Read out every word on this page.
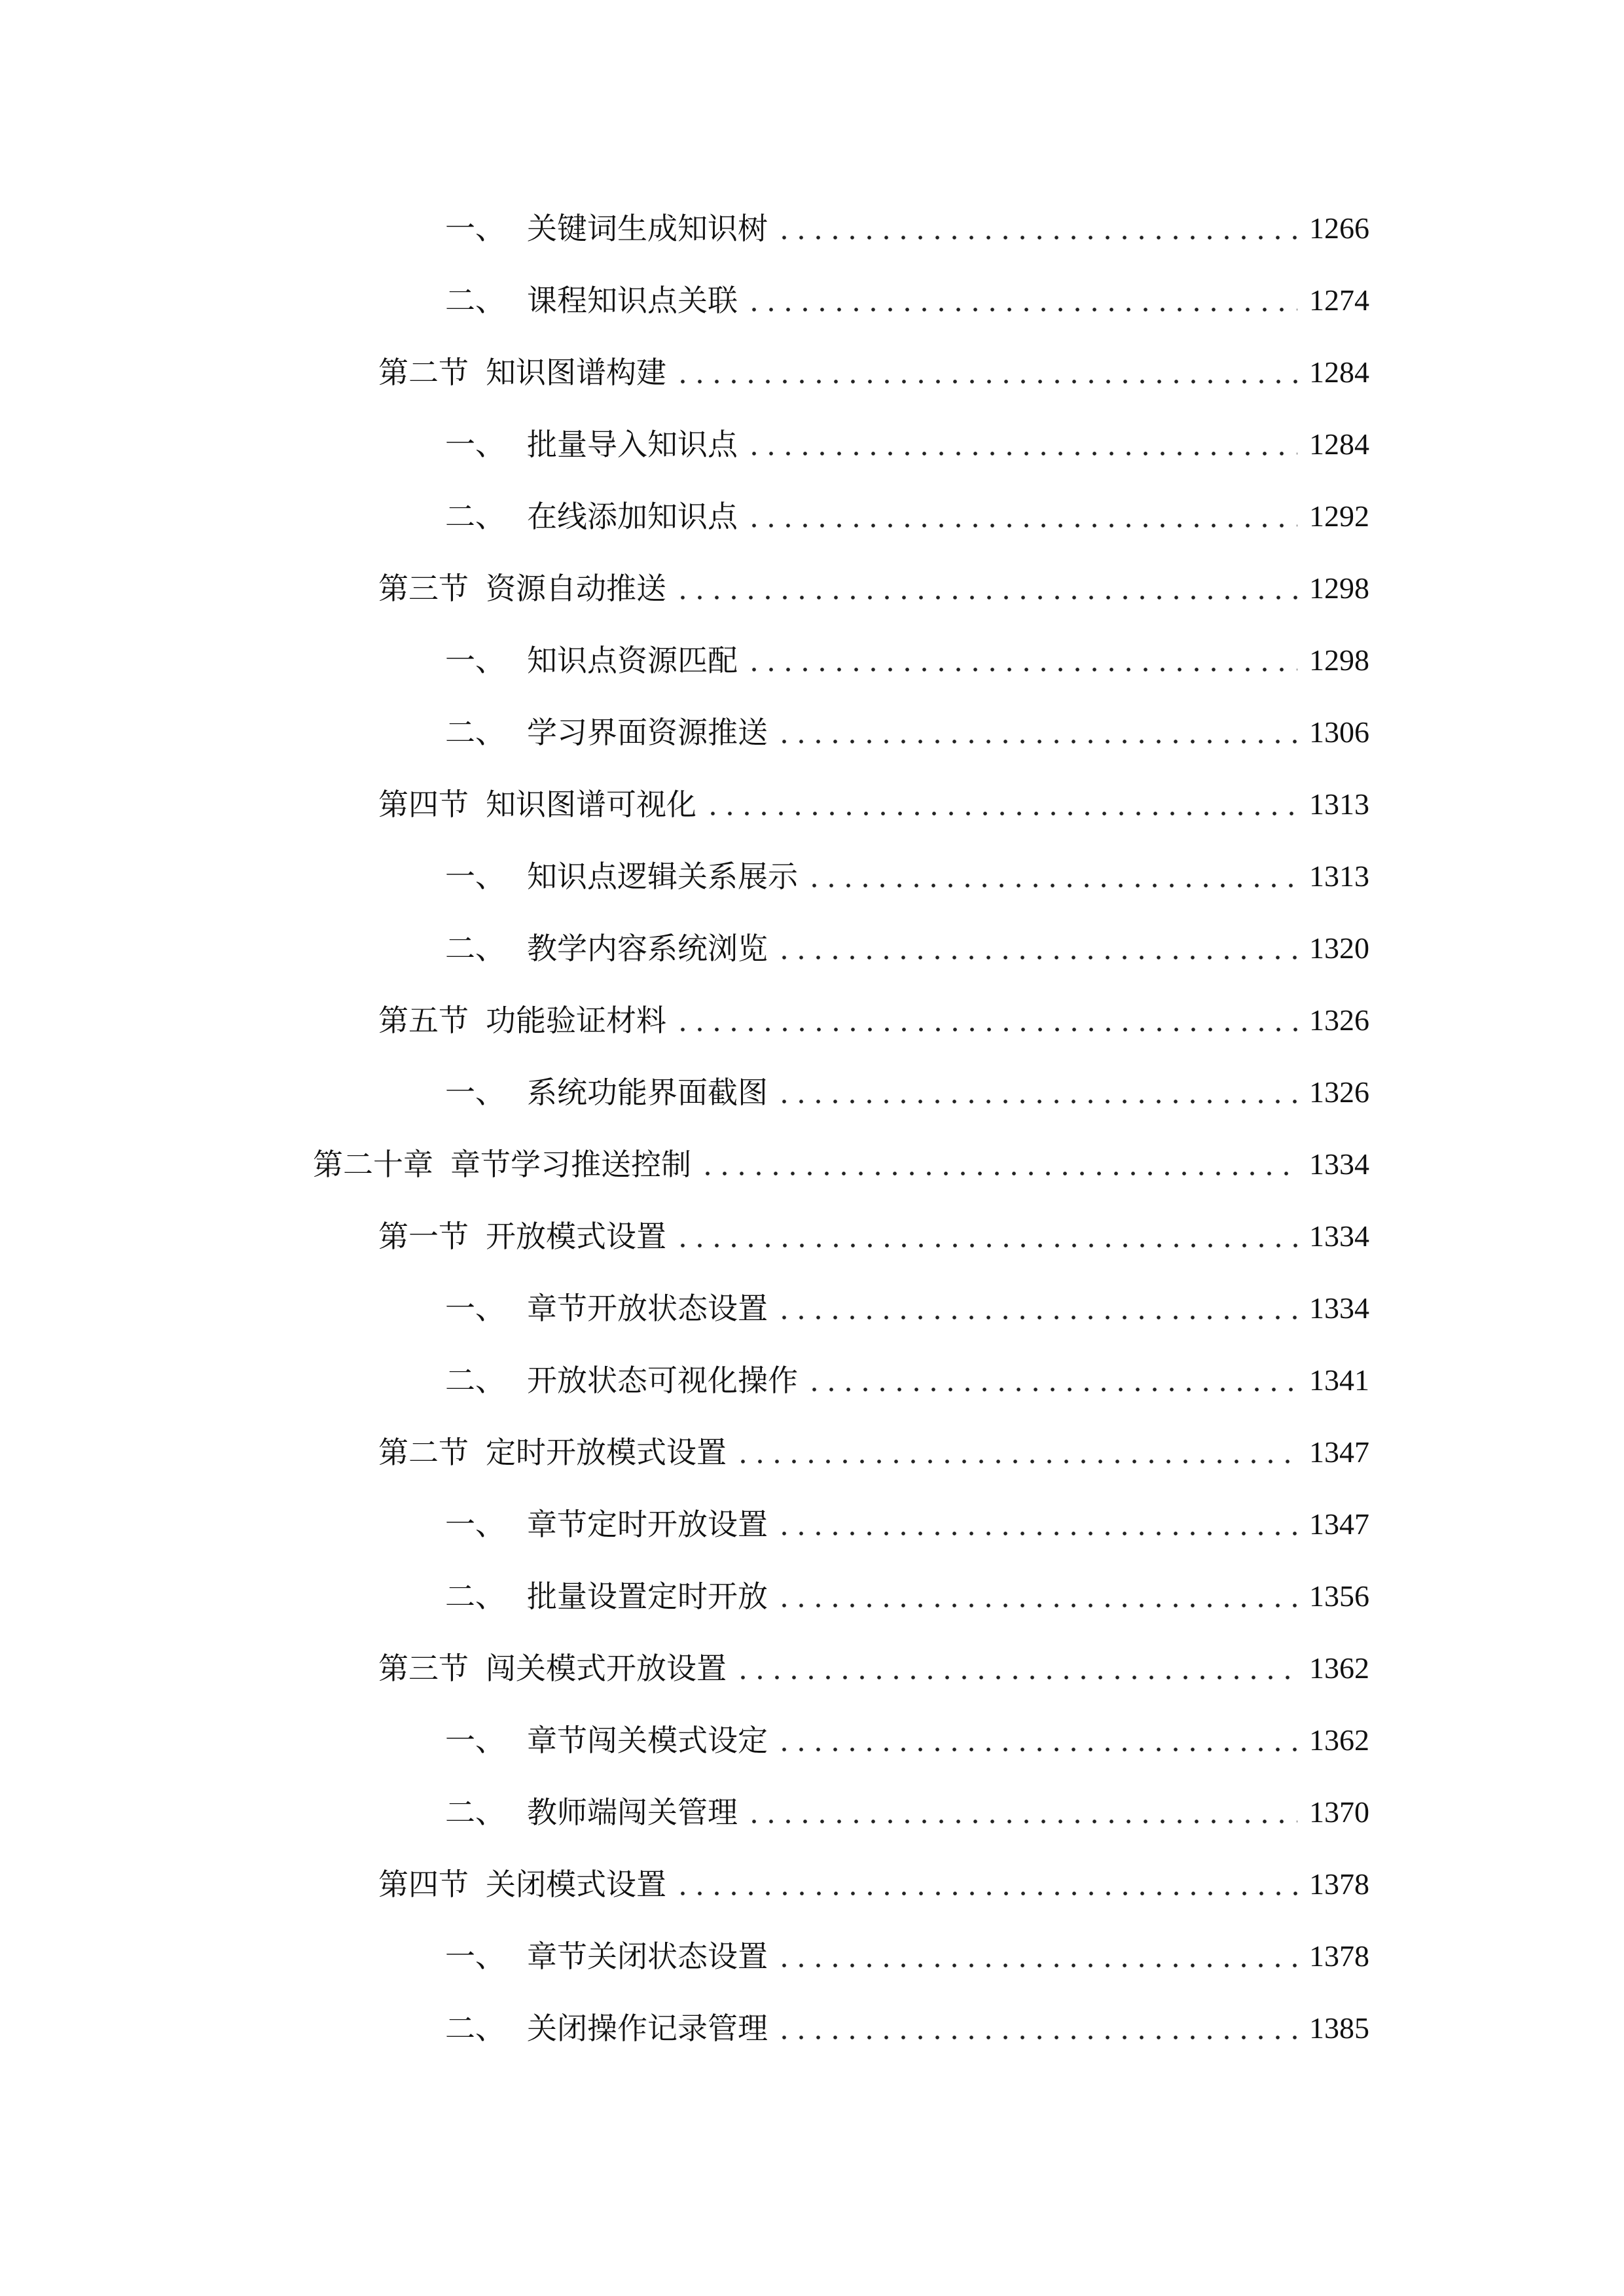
一、 关键词生成知识树	1266
二、 课程知识点关联	1274
第二节 知识图谱构建	1284
一、 批量导入知识点	1284
二、 在线添加知识点	1292
第三节 资源自动推送	1298
一、 知识点资源匹配	1298
二、 学习界面资源推送	1306
第四节 知识图谱可视化	1313
一、 知识点逻辑关系展示	1313
二、 教学内容系统浏览	1320
第五节 功能验证材料	1326
一、 系统功能界面截图	1326
第二十章 章节学习推送控制	1334
第一节 开放模式设置	1334
一、 章节开放状态设置	1334
二、 开放状态可视化操作	1341
第二节 定时开放模式设置	1347
一、 章节定时开放设置	1347
二、 批量设置定时开放	1356
第三节 闯关模式开放设置	1362
一、 章节闯关模式设定	1362
二、 教师端闯关管理	1370
第四节 关闭模式设置	1378
一、 章节关闭状态设置	1378
二、 关闭操作记录管理	1385
